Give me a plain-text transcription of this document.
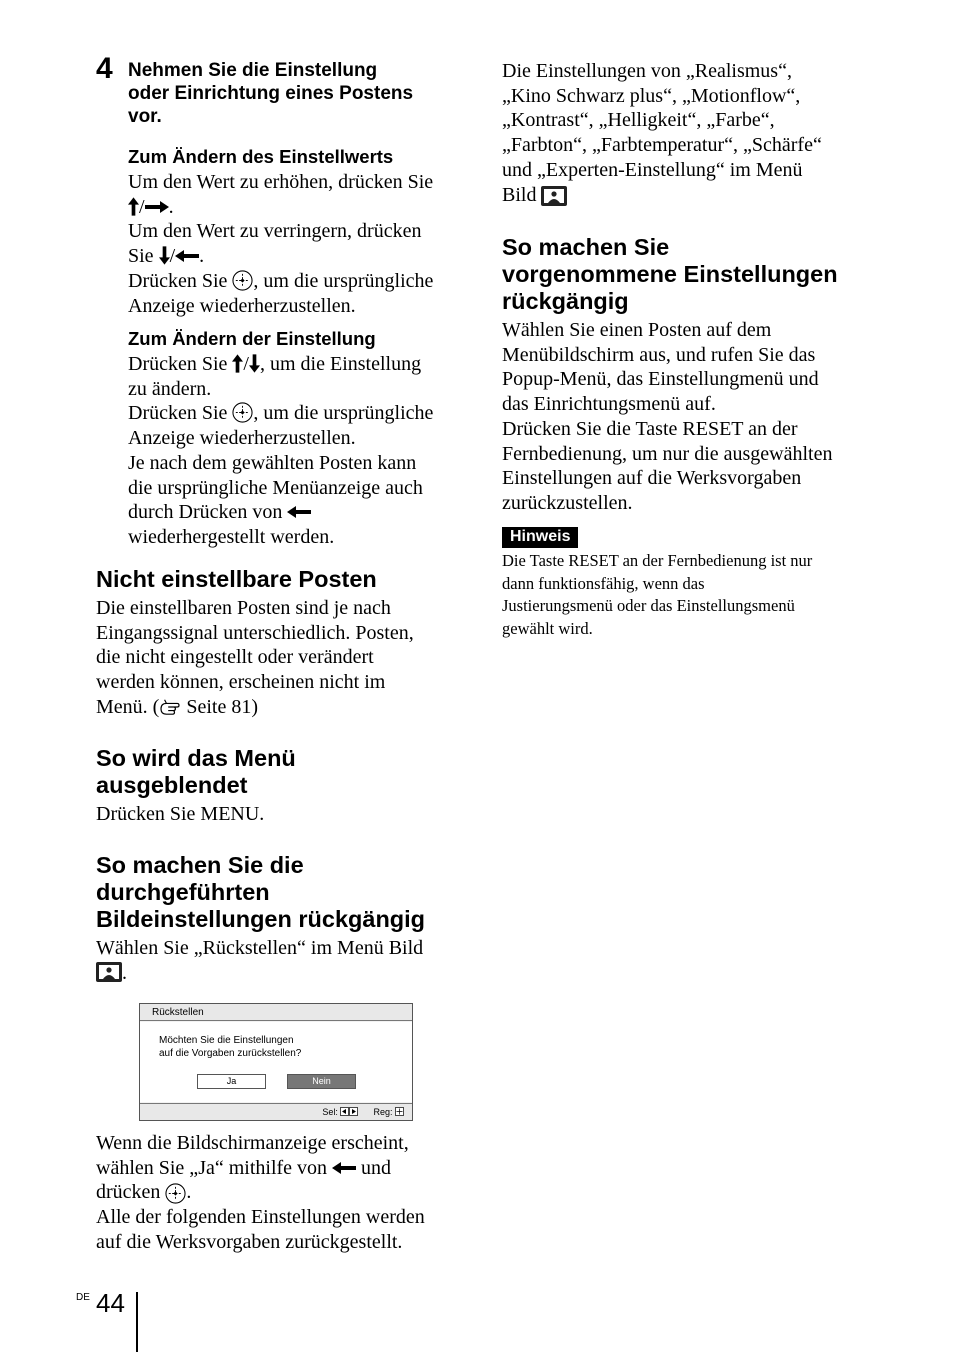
4 Nehmen Sie die Einstellung
oder Einrichtung eines Postens
vor.
Zum Ändern des Einstellwerts
Um den Wert zu erhöhen, drücken Sie
/ .
Um den Wert zu verringern, drücken
Sie / .
Drücken Sie , um die ursprüngliche
Anzeige wiederherzustellen.
Zum Ändern der Einstellung
Drücken Sie / , um die Einstellung
zu ändern.
Drücken Sie , um die ursprüngliche
Anzeige wiederherzustellen.
Je nach dem gewählten Posten kann
die ursprüngliche Menüanzeige auch
durch Drücken von
wiederhergestellt werden.
Nicht einstellbare Posten
Die einstellbaren Posten sind je nach
Eingangssignal unterschiedlich. Posten,
die nicht eingestellt oder verändert
werden können, erscheinen nicht im
Menü. ( Seite 81)
So wird das Menü
ausgeblendet
Drücken Sie MENU.
So machen Sie die
durchgeführten
Bildeinstellungen rückgängig
Wählen Sie „Rückstellen“ im Menü Bild
.
Rückstellen
Möchten Sie die Einstellungen
auf die Vorgaben zurückstellen?
Ja	Nein
Sel:	Reg:
Wenn die Bildschirmanzeige erscheint,
wählen Sie „Ja“ mithilfe von  und
drücken .
Alle der folgenden Einstellungen werden
auf die Werksvorgaben zurückgestellt.
Die Einstellungen von „Realismus“,
„Kino Schwarz plus“, „Motionflow“,
„Kontrast“, „Helligkeit“, „Farbe“,
„Farbton“, „Farbtemperatur“, „Schärfe“
und „Experten-Einstellung“ im Menü
Bild
So machen Sie
vorgenommene Einstellungen
rückgängig
Wählen Sie einen Posten auf dem
Menübildschirm aus, und rufen Sie das
Popup-Menü, das Einstellungmenü und
das Einrichtungsmenü auf.
Drücken Sie die Taste RESET an der
Fernbedienung, um nur die ausgewählten
Einstellungen auf die Werksvorgaben
zurückzustellen.
Hinweis
Die Taste RESET an der Fernbedienung ist nur
dann funktionsfähig, wenn das
Justierungsmenü oder das Einstellungsmenü
gewählt wird.
DE 44
